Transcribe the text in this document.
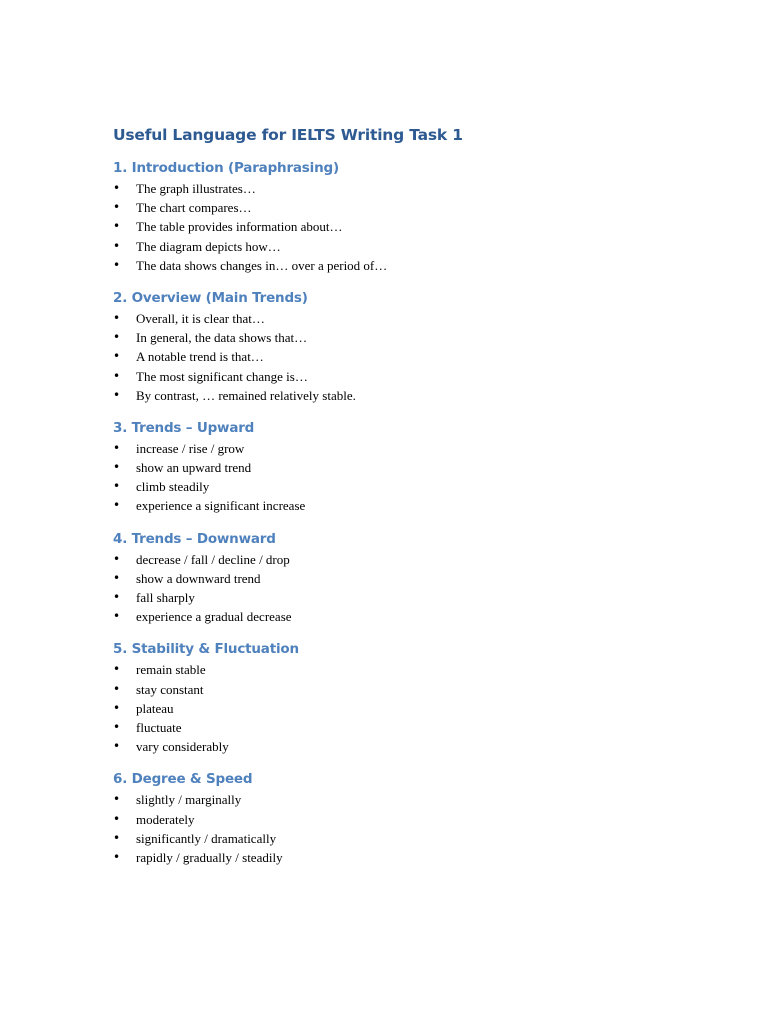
Useful Language for IELTS Writing Task 1
1. Introduction (Paraphrasing)
• The graph illustrates…
• The chart compares…
• The table provides information about…
• The diagram depicts how…
• The data shows changes in… over a period of…
2. Overview (Main Trends)
• Overall, it is clear that…
• In general, the data shows that…
• A notable trend is that…
• The most significant change is…
• By contrast, … remained relatively stable.
3. Trends – Upward
• increase / rise / grow
• show an upward trend
• climb steadily
• experience a significant increase
4. Trends – Downward
• decrease / fall / decline / drop
• show a downward trend
• fall sharply
• experience a gradual decrease
5. Stability & Fluctuation
• remain stable
• stay constant
• plateau
• fluctuate
• vary considerably
6. Degree & Speed
• slightly / marginally
• moderately
• significantly / dramatically
• rapidly / gradually / steadily
